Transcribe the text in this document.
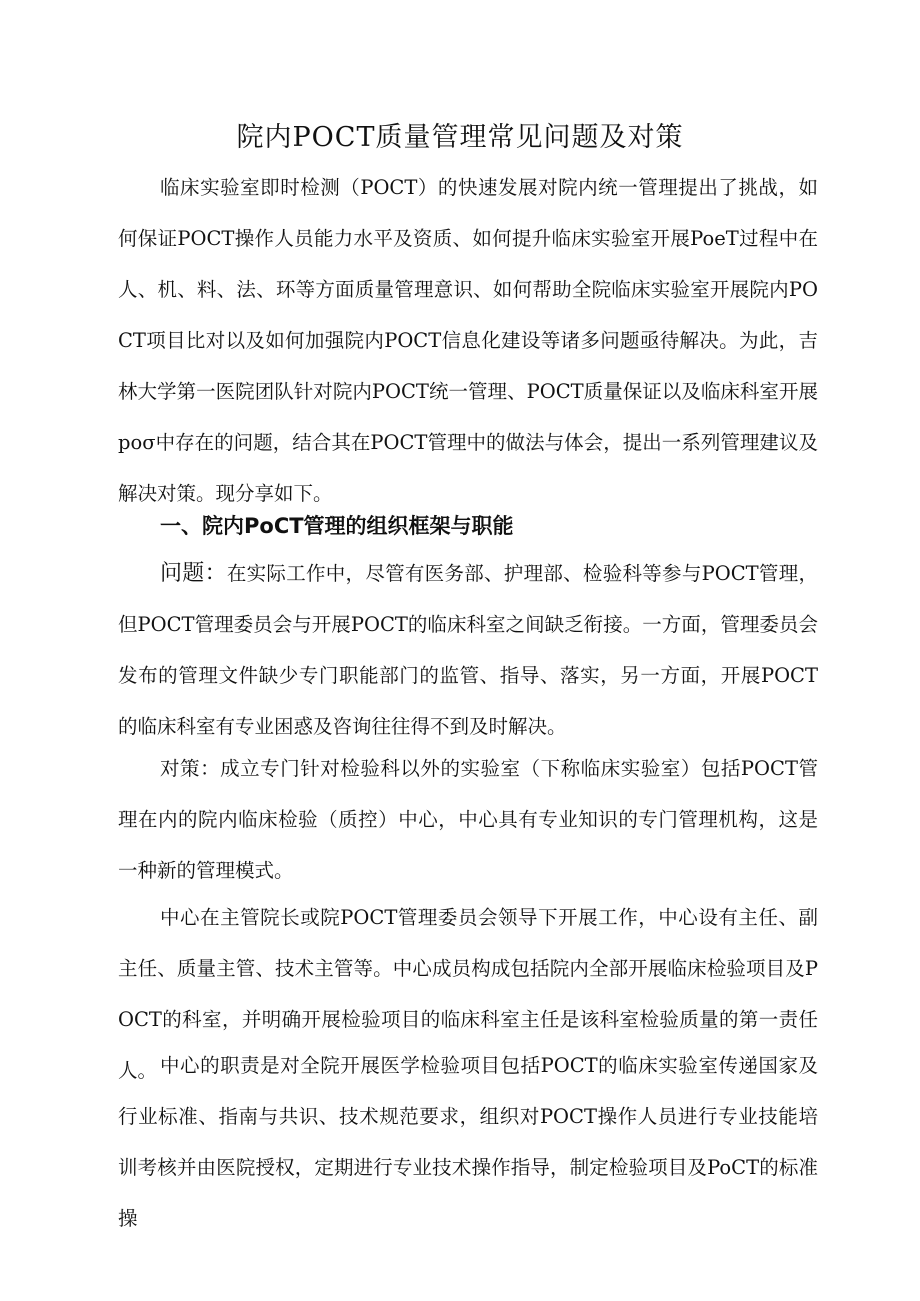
院内POCT质量管理常见问题及对策

临床实验室即时检测（POCT）的快速发展对院内统一管理提出了挑战，如何保证POCT操作人员能力水平及资质、如何提升临床实验室开展PoeT过程中在人、机、料、法、环等方面质量管理意识、如何帮助全院临床实验室开展院内POCT项目比对以及如何加强院内POCT信息化建设等诸多问题亟待解决。为此，吉林大学第一医院团队针对院内POCT统一管理、POCT质量保证以及临床科室开展poσ中存在的问题，结合其在POCT管理中的做法与体会，提出一系列管理建议及解决对策。现分享如下。

一、院内PoCT管理的组织框架与职能

问题：在实际工作中，尽管有医务部、护理部、检验科等参与POCT管理，但POCT管理委员会与开展POCT的临床科室之间缺乏衔接。一方面，管理委员会发布的管理文件缺少专门职能部门的监管、指导、落实，另一方面，开展POCT的临床科室有专业困惑及咨询往往得不到及时解决。

对策：成立专门针对检验科以外的实验室（下称临床实验室）包括POCT管理在内的院内临床检验（质控）中心，中心具有专业知识的专门管理机构，这是一种新的管理模式。

中心在主管院长或院POCT管理委员会领导下开展工作，中心设有主任、副主任、质量主管、技术主管等。中心成员构成包括院内全部开展临床检验项目及POCT的科室，并明确开展检验项目的临床科室主任是该科室检验质量的第一责任人。 中心的职责是对全院开展医学检验项目包括POCT的临床实验室传递国家及行业标准、指南与共识、技术规范要求，组织对POCT操作人员进行专业技能培训考核并由医院授权，定期进行专业技术操作指导，制定检验项目及PoCT的标准操
